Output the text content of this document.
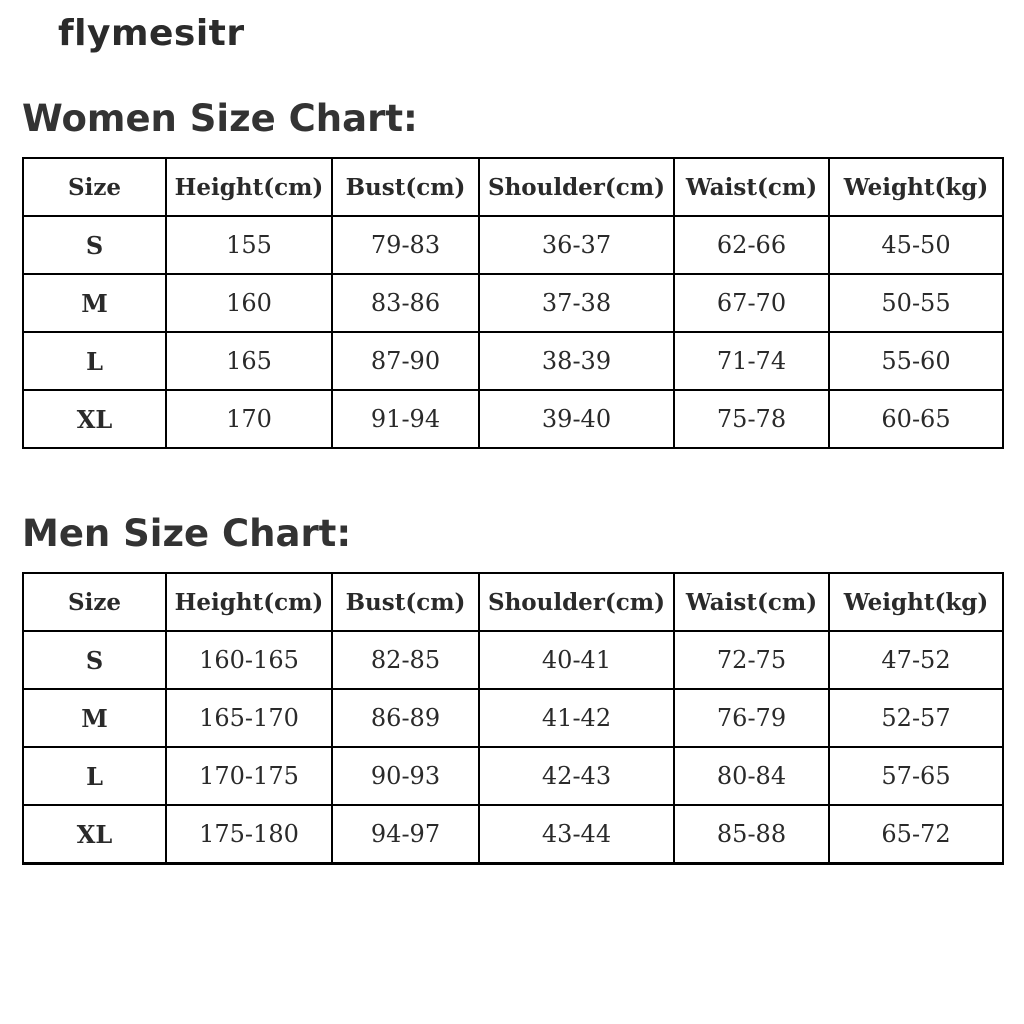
flymesitr
Women Size Chart:
Size	Height(cm)	Bust(cm)	Shoulder(cm)	Waist(cm)	Weight(kg)
S	155	79-83	36-37	62-66	45-50
M	160	83-86	37-38	67-70	50-55
L	165	87-90	38-39	71-74	55-60
XL	170	91-94	39-40	75-78	60-65
Men Size Chart:
Size	Height(cm)	Bust(cm)	Shoulder(cm)	Waist(cm)	Weight(kg)
S	160-165	82-85	40-41	72-75	47-52
M	165-170	86-89	41-42	76-79	52-57
L	170-175	90-93	42-43	80-84	57-65
XL	175-180	94-97	43-44	85-88	65-72
